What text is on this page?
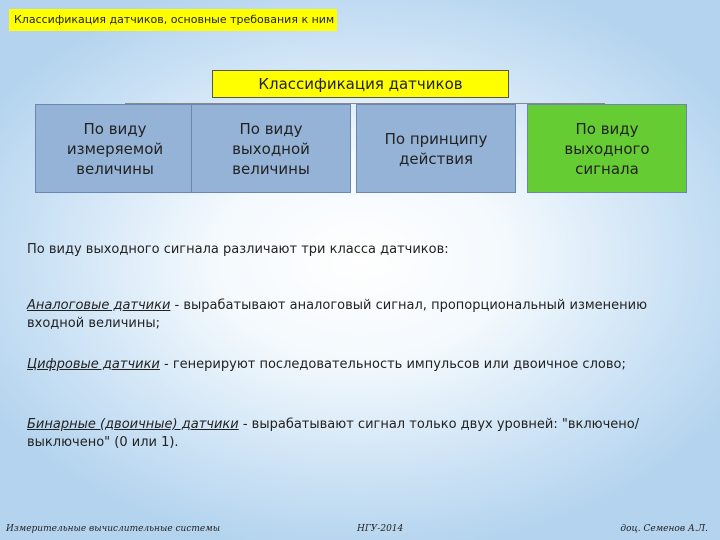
Классификация датчиков, основные требования к ним
Классификация датчиков
По виду измеряемой величины
По виду выходной величины
По принципу действия
По виду выходного сигнала
По виду выходного сигнала различают три класса датчиков:
Аналоговые датчики - вырабатывают аналоговый сигнал, пропорциональный изменению входной величины;
Цифровые датчики - генерируют последовательность импульсов или двоичное слово;
Бинарные (двоичные) датчики - вырабатывают сигнал только двух уровней: "включено/выключено" (0 или 1).
Измерительные вычислительные системы	НГУ-2014	доц. Семенов А.Л.
